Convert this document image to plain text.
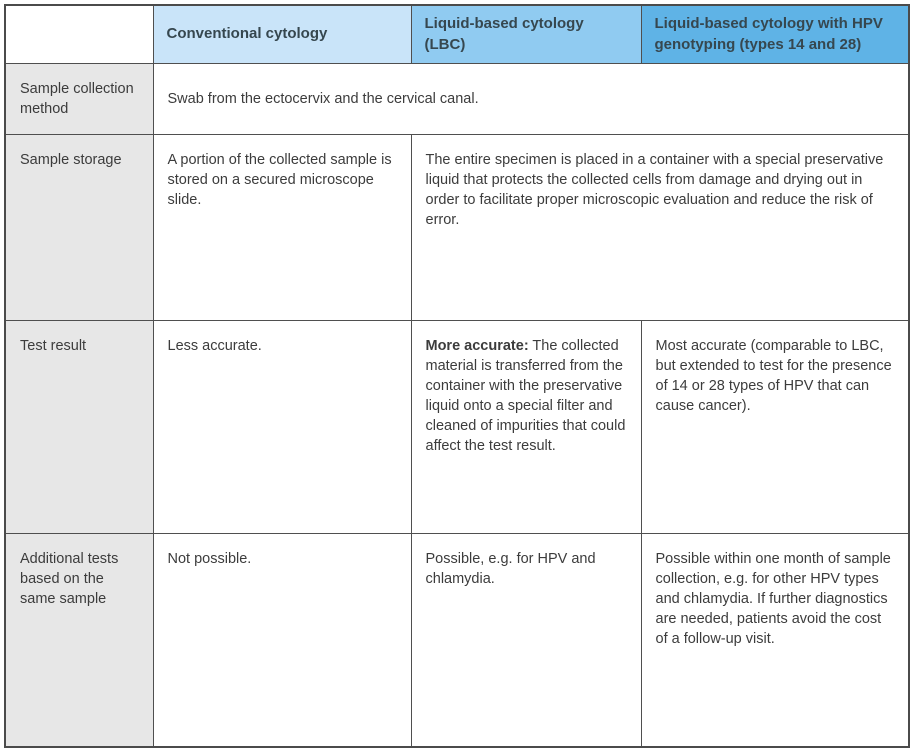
	Conventional cytology	Liquid-based cytology (LBC)	Liquid-based cytology with HPV genotyping (types 14 and 28)
Sample collection method	Swab from the ectocervix and the cervical canal.		
Sample storage	A portion of the collected sample is stored on a secured microscope slide.	The entire specimen is placed in a container with a special preservative liquid that protects the collected cells from damage and drying out in order to facilitate proper microscopic evaluation and reduce the risk of error.	
Test result	Less accurate.	More accurate: The collected material is transferred from the container with the preservative liquid onto a special filter and cleaned of impurities that could affect the test result.	Most accurate (comparable to LBC, but extended to test for the presence of 14 or 28 types of HPV that can cause cancer).
Additional tests based on the same sample	Not possible.	Possible, e.g. for HPV and chlamydia.	Possible within one month of sample collection, e.g. for other HPV types and chlamydia. If further diagnostics are needed, patients avoid the cost of a follow-up visit.
